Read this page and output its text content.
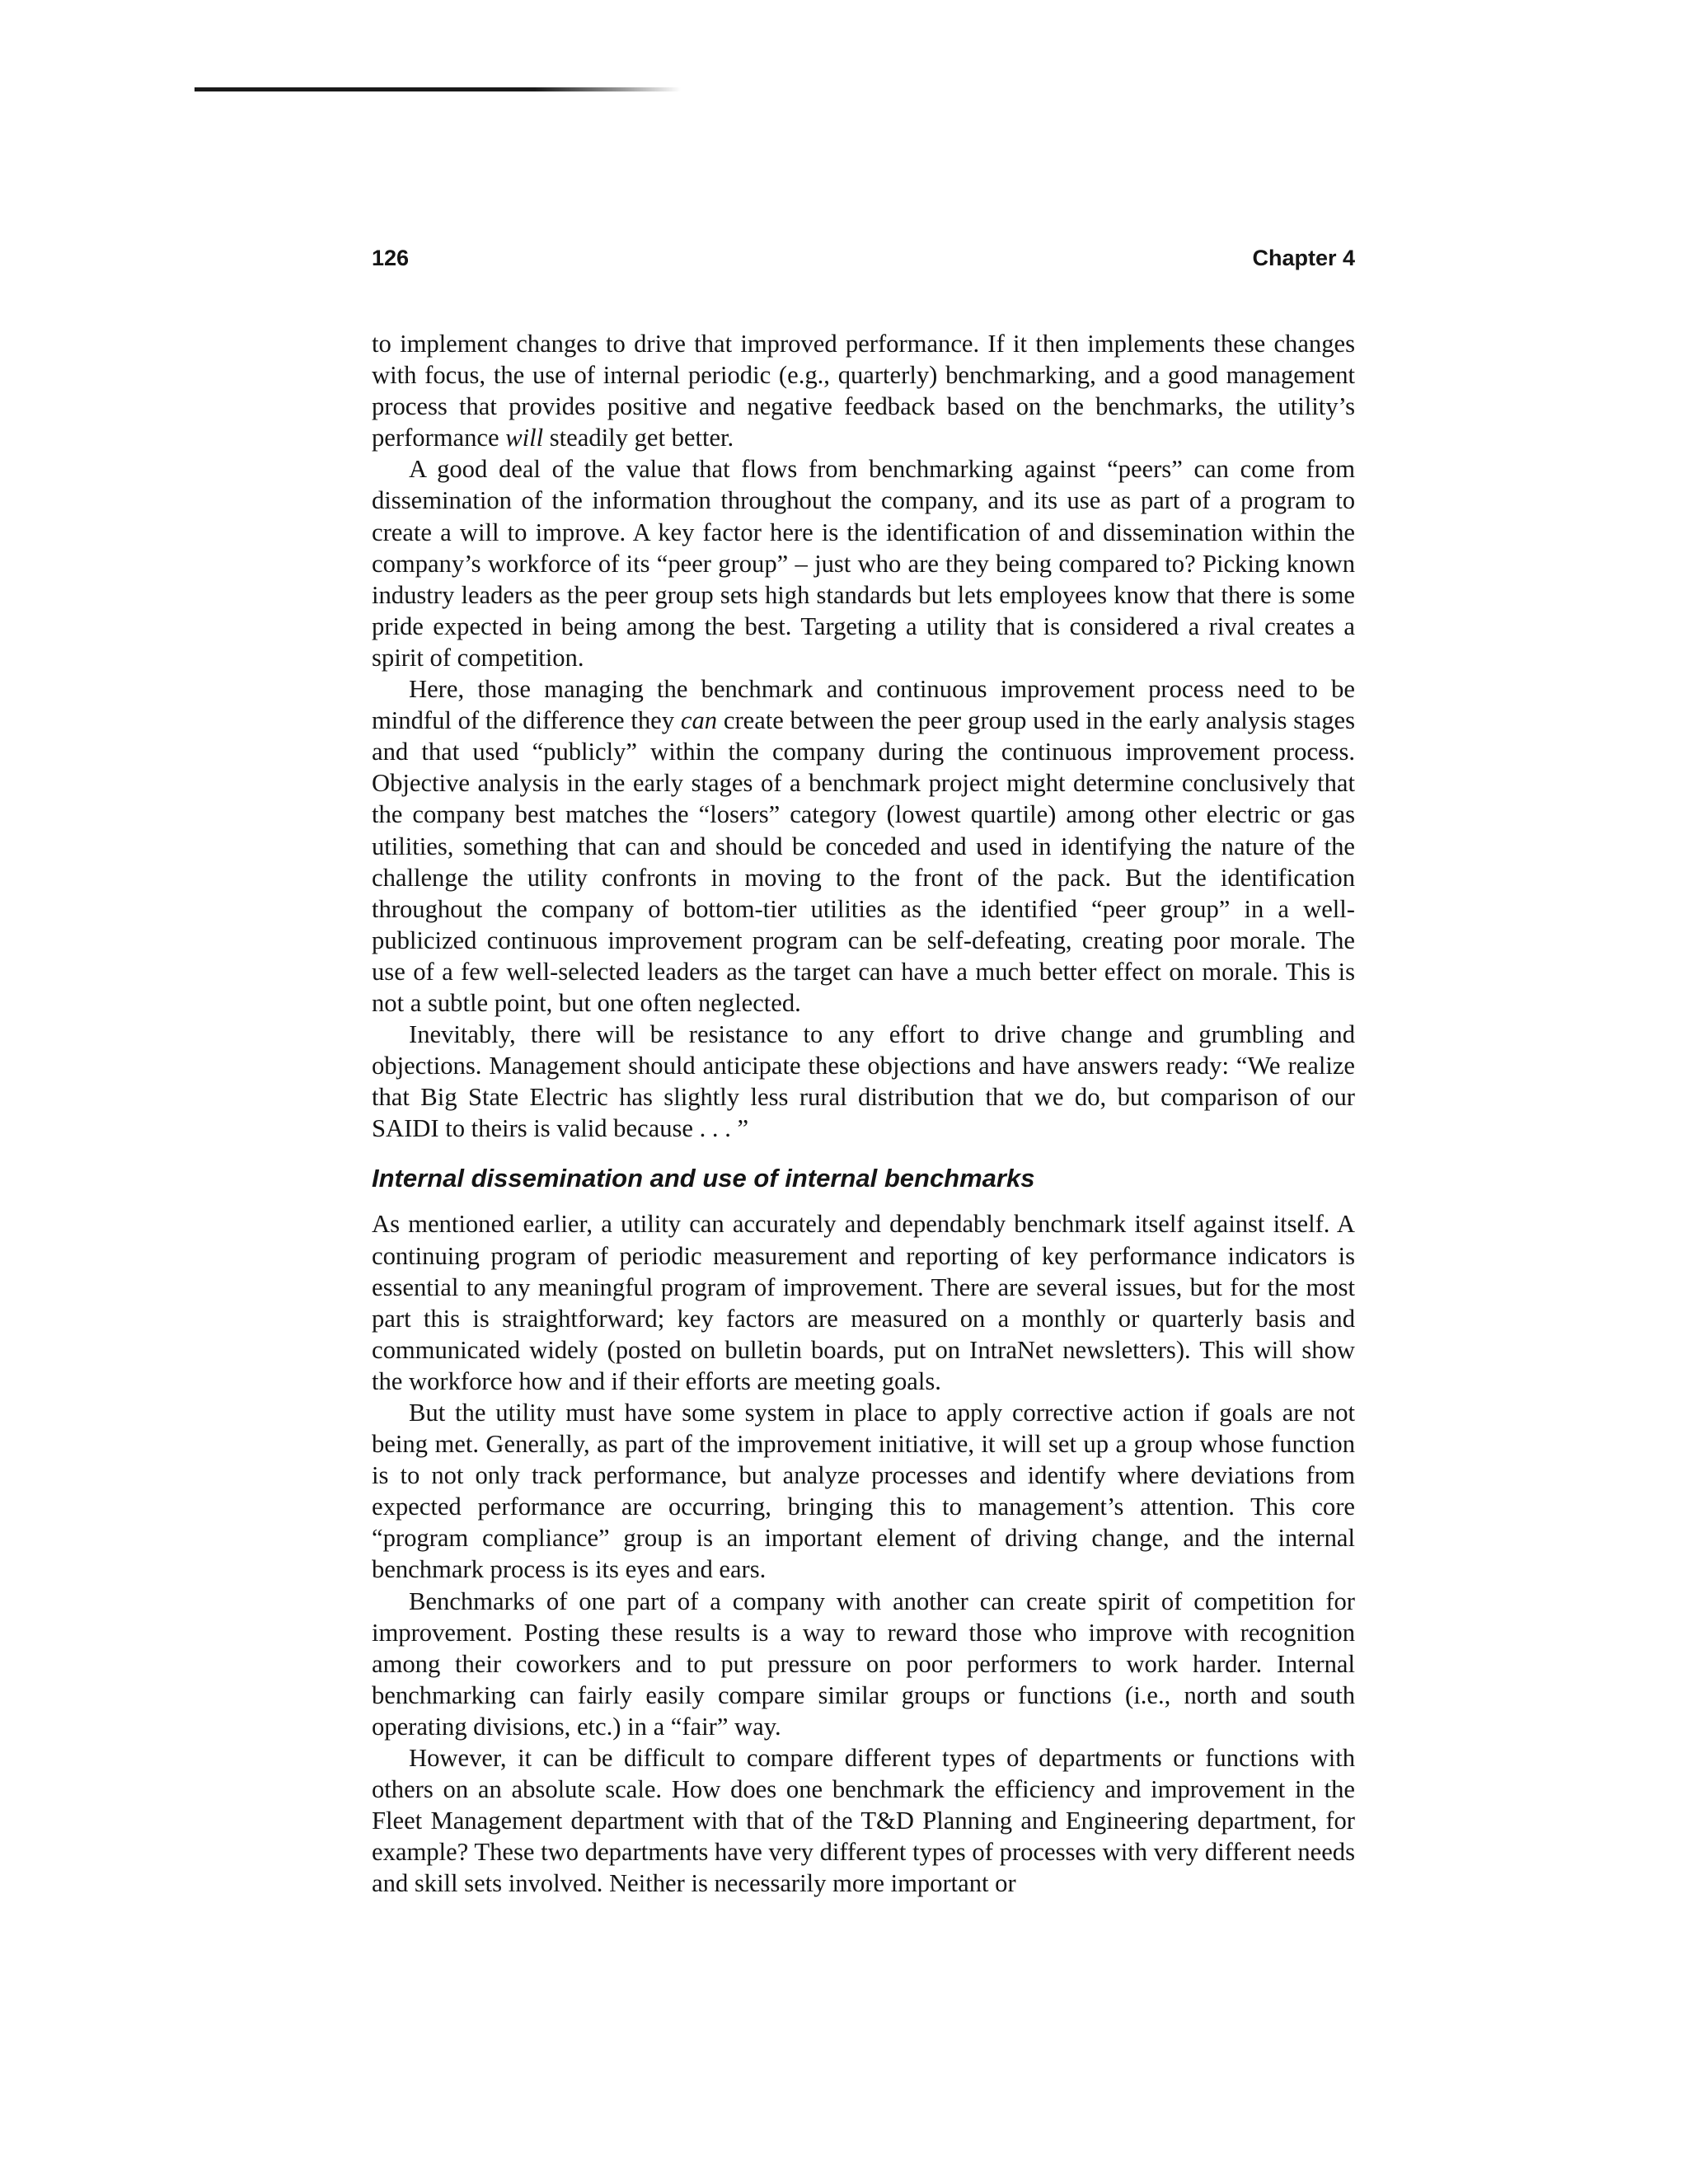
126	Chapter 4

to implement changes to drive that improved performance. If it then implements these changes with focus, the use of internal periodic (e.g., quarterly) benchmarking, and a good management process that provides positive and negative feedback based on the benchmarks, the utility’s performance will steadily get better.

A good deal of the value that flows from benchmarking against “peers” can come from dissemination of the information throughout the company, and its use as part of a program to create a will to improve. A key factor here is the identification of and dissemination within the company’s workforce of its “peer group” – just who are they being compared to? Picking known industry leaders as the peer group sets high standards but lets employees know that there is some pride expected in being among the best. Targeting a utility that is considered a rival creates a spirit of competition.

Here, those managing the benchmark and continuous improvement process need to be mindful of the difference they can create between the peer group used in the early analysis stages and that used “publicly” within the company during the continuous improvement process. Objective analysis in the early stages of a benchmark project might determine conclusively that the company best matches the “losers” category (lowest quartile) among other electric or gas utilities, something that can and should be conceded and used in identifying the nature of the challenge the utility confronts in moving to the front of the pack. But the identification throughout the company of bottom-tier utilities as the identified “peer group” in a well-publicized continuous improvement program can be self-defeating, creating poor morale. The use of a few well-selected leaders as the target can have a much better effect on morale. This is not a subtle point, but one often neglected.

Inevitably, there will be resistance to any effort to drive change and grumbling and objections. Management should anticipate these objections and have answers ready: “We realize that Big State Electric has slightly less rural distribution that we do, but comparison of our SAIDI to theirs is valid because . . . ”

Internal dissemination and use of internal benchmarks

As mentioned earlier, a utility can accurately and dependably benchmark itself against itself. A continuing program of periodic measurement and reporting of key performance indicators is essential to any meaningful program of improvement. There are several issues, but for the most part this is straightforward; key factors are measured on a monthly or quarterly basis and communicated widely (posted on bulletin boards, put on IntraNet newsletters). This will show the workforce how and if their efforts are meeting goals.

But the utility must have some system in place to apply corrective action if goals are not being met. Generally, as part of the improvement initiative, it will set up a group whose function is to not only track performance, but analyze processes and identify where deviations from expected performance are occurring, bringing this to management’s attention. This core “program compliance” group is an important element of driving change, and the internal benchmark process is its eyes and ears.

Benchmarks of one part of a company with another can create spirit of competition for improvement. Posting these results is a way to reward those who improve with recognition among their coworkers and to put pressure on poor performers to work harder. Internal benchmarking can fairly easily compare similar groups or functions (i.e., north and south operating divisions, etc.) in a “fair” way.

However, it can be difficult to compare different types of departments or functions with others on an absolute scale. How does one benchmark the efficiency and improvement in the Fleet Management department with that of the T&D Planning and Engineering department, for example? These two departments have very different types of processes with very different needs and skill sets involved. Neither is necessarily more important or
